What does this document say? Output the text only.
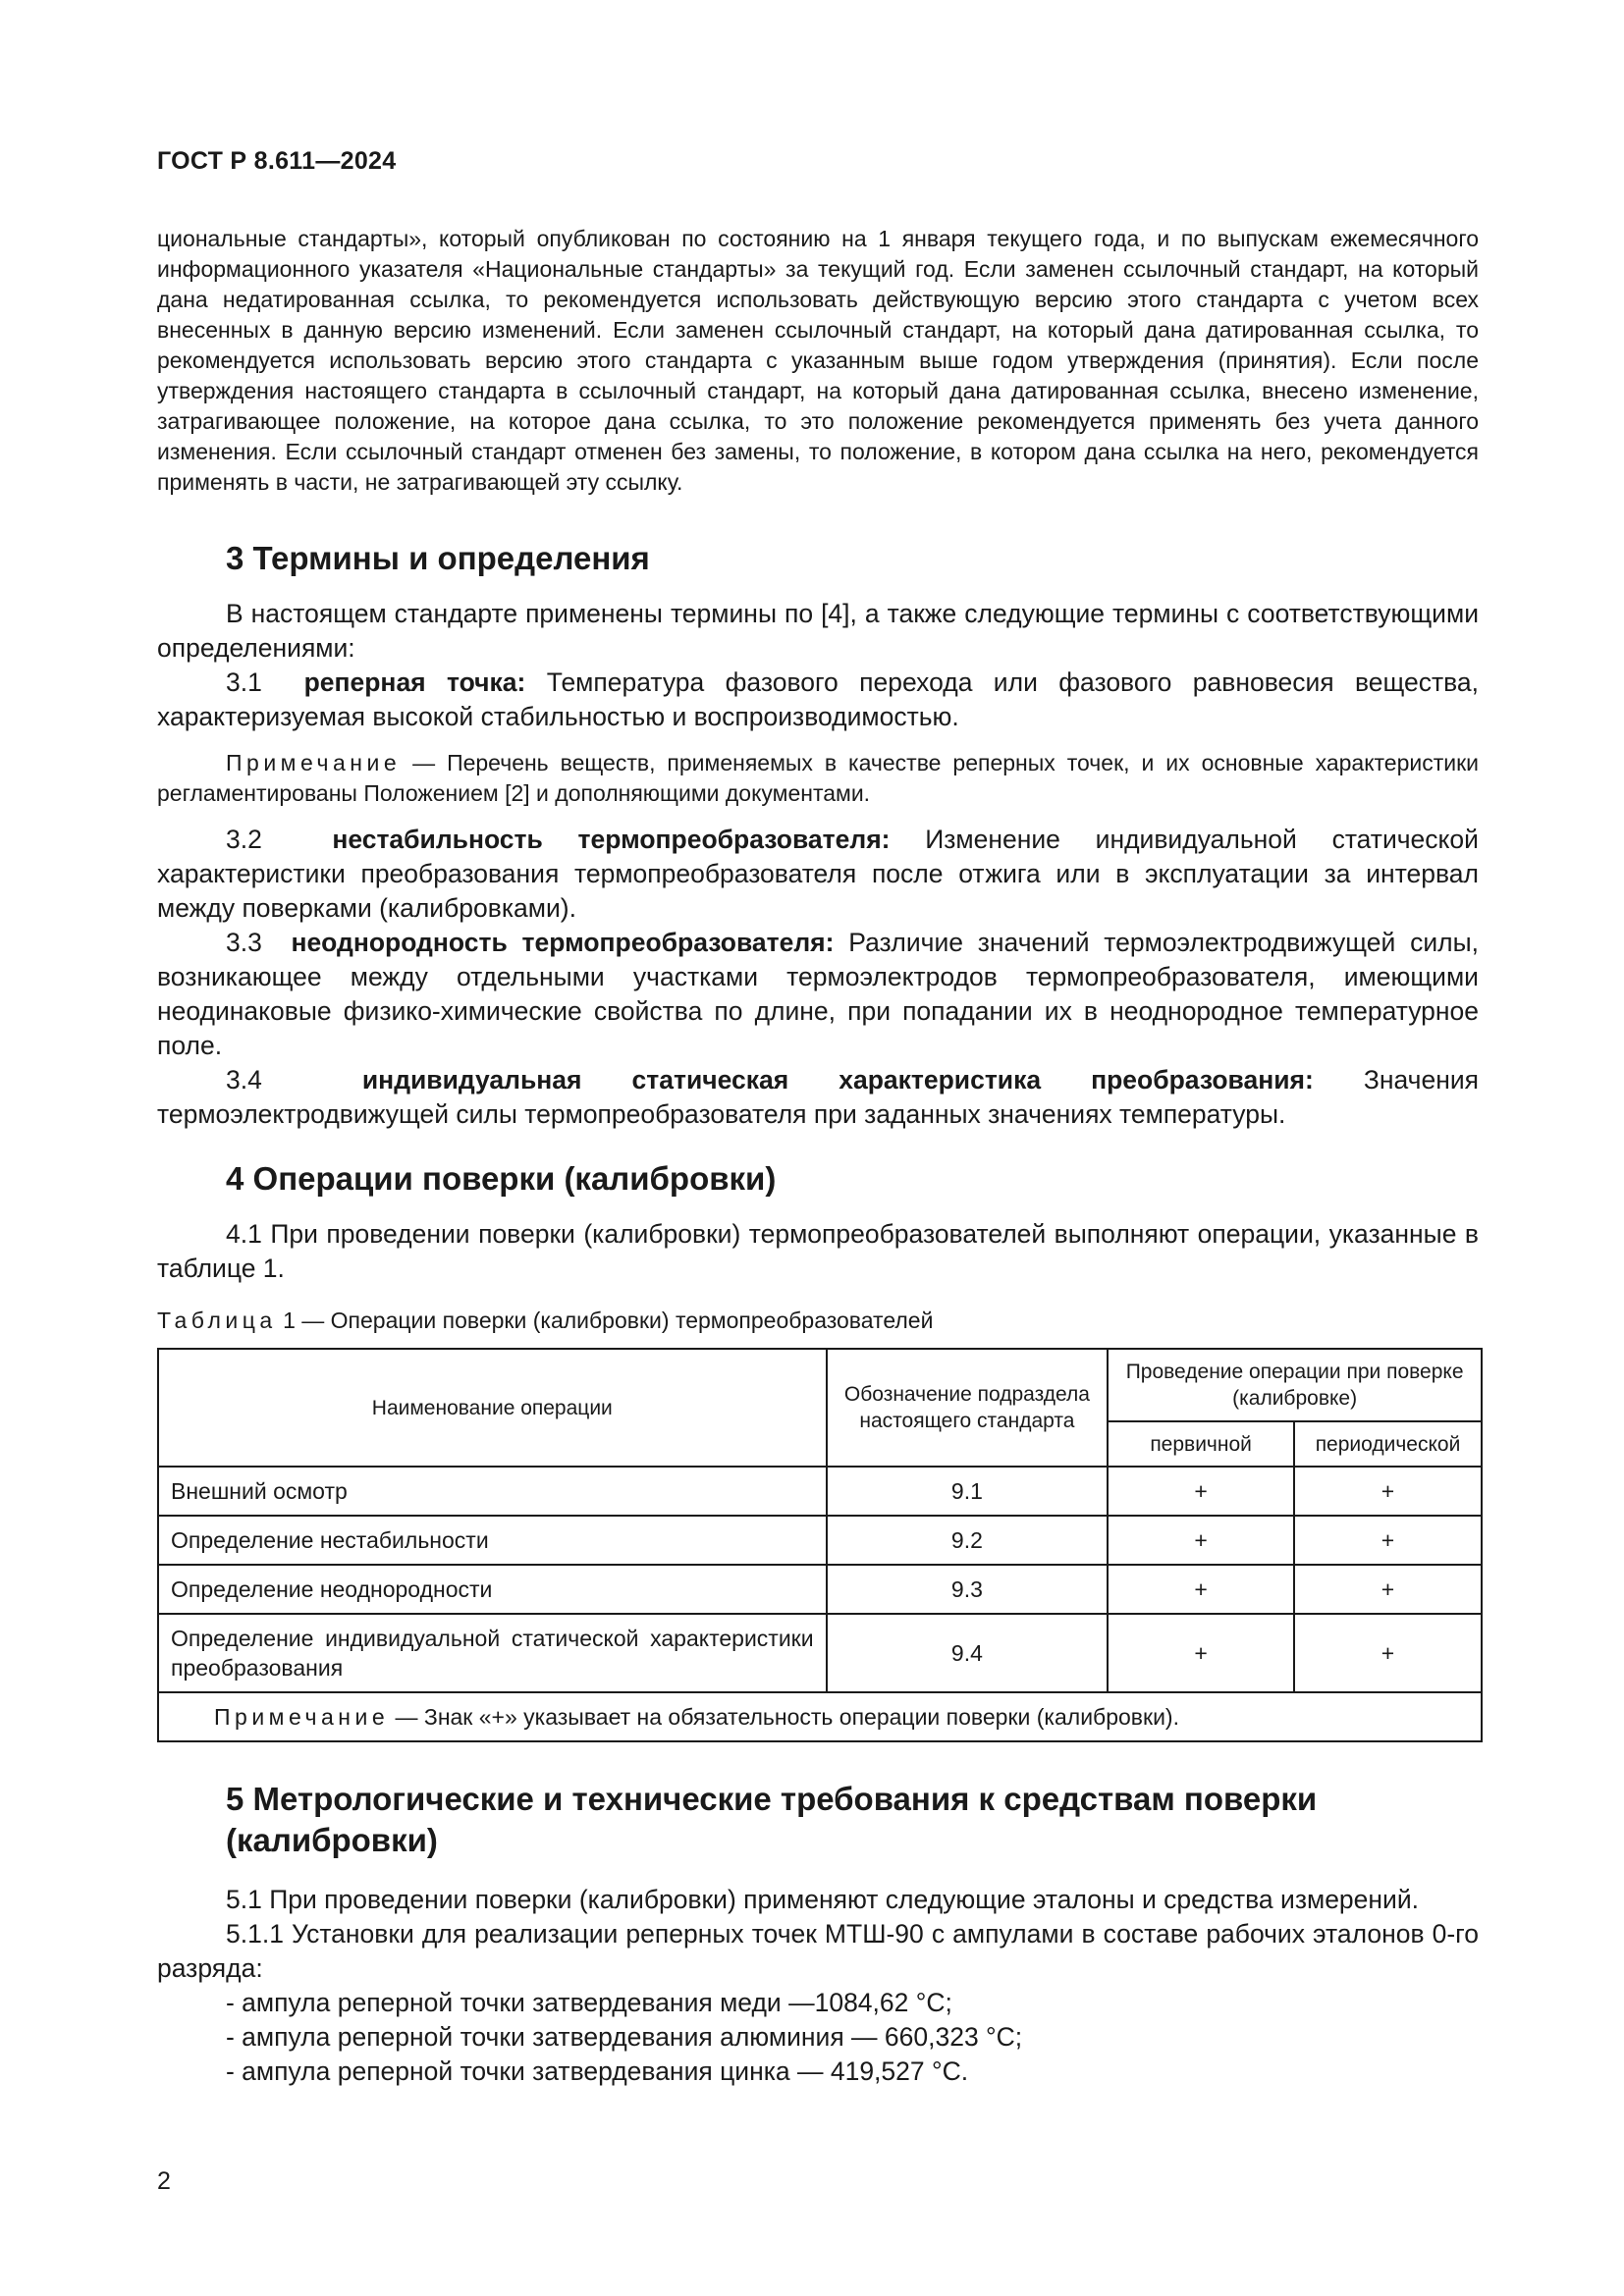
ГОСТ Р 8.611—2024

циональные стандарты», который опубликован по состоянию на 1 января текущего года, и по выпускам ежемесячного информационного указателя «Национальные стандарты» за текущий год. Если заменен ссылочный стандарт, на который дана недатированная ссылка, то рекомендуется использовать действующую версию этого стандарта с учетом всех внесенных в данную версию изменений. Если заменен ссылочный стандарт, на который дана датированная ссылка, то рекомендуется использовать версию этого стандарта с указанным выше годом утверждения (принятия). Если после утверждения настоящего стандарта в ссылочный стандарт, на который дана датированная ссылка, внесено изменение, затрагивающее положение, на которое дана ссылка, то это положение рекомендуется применять без учета данного изменения. Если ссылочный стандарт отменен без замены, то положение, в котором дана ссылка на него, рекомендуется применять в части, не затрагивающей эту ссылку.

3 Термины и определения

В настоящем стандарте применены термины по [4], а также следующие термины с соответствующими определениями:

3.1 реперная точка: Температура фазового перехода или фазового равновесия вещества, характеризуемая высокой стабильностью и воспроизводимостью.

Примечание — Перечень веществ, применяемых в качестве реперных точек, и их основные характеристики регламентированы Положением [2] и дополняющими документами.

3.2	нестабильность термопреобразователя: Изменение индивидуальной статической характеристики преобразования термопреобразователя после отжига или в эксплуатации за интервал между поверками (калибровками).

3.3 неоднородность термопреобразователя: Различие значений термоэлектродвижущей силы, возникающее между отдельными участками термоэлектродов термопреобразователя, имеющими неодинаковые физико-химические свойства по длине, при попадании их в неоднородное температурное поле.

3.4	индивидуальная статическая характеристика преобразования: Значения термоэлектродвижущей силы термопреобразователя при заданных значениях температуры.

4 Операции поверки (калибровки)

4.1 При проведении поверки (калибровки) термопреобразователей выполняют операции, указанные в таблице 1.

Таблица 1 — Операции поверки (калибровки) термопреобразователей
Наименование операции	Обозначение подраздела настоящего стандарта	Проведение операции при поверке (калибровке)	
		первичной	периодической
Внешний осмотр	9.1	+	+
Определение нестабильности	9.2	+	+
Определение неоднородности	9.3	+	+
Определение индивидуальной статической характеристики преобразования	9.4	+	+
Примечание — Знак «+» указывает на обязательность операции поверки (калибровки).			
5 Метрологические и технические требования к средствам поверки (калибровки)

5.1 При проведении поверки (калибровки) применяют следующие эталоны и средства измерений.

5.1.1 Установки для реализации реперных точек МТШ-90 с ампулами в составе рабочих эталонов 0-го разряда:

- ампула реперной точки затвердевания меди —1084,62 °С;

- ампула реперной точки затвердевания алюминия — 660,323 °С;

- ампула реперной точки затвердевания цинка — 419,527 °С.

2
